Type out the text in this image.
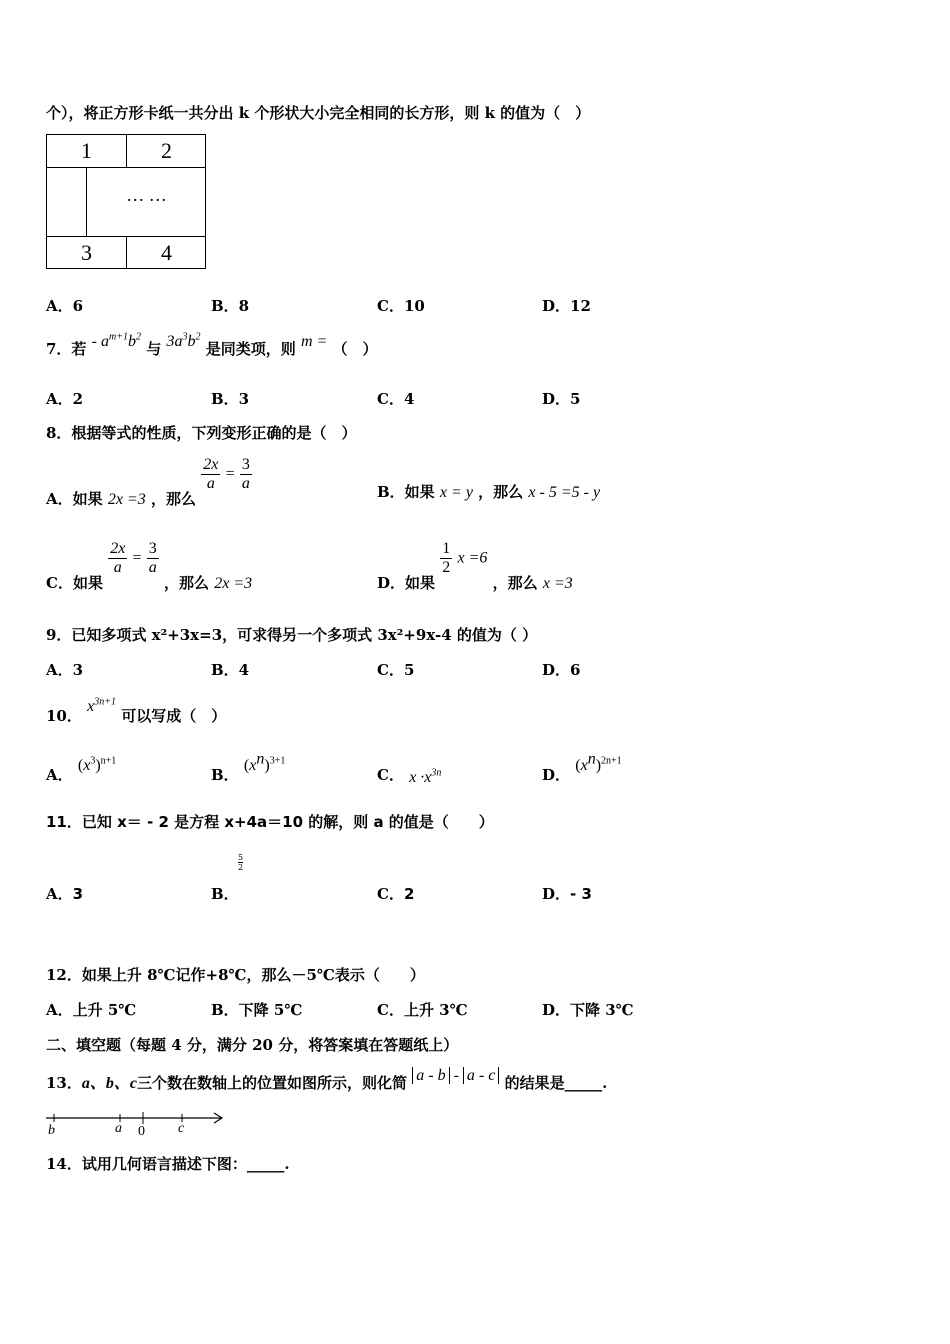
个），将正方形卡纸一共分出 k 个形状大小完全相同的长方形，则 k 的值为（　）
1	2
… …
3	4
A．6	B．8	C．10	D．12
7．若 - $a^{m+1}b^2$ 与 $3a^3b^2$ 是同类项，则 m = （　）
A．2	B．3	C．4	D．5
8．根据等式的性质，下列变形正确的是（　）
A．如果 2x =3 ，那么
$\frac{2x}{a} = \frac{3}{a}$	B．如果 x = y ，那么 x - 5 =5 - y
C．如果
$\frac{2x}{a} = \frac{3}{a}$
，那么 2x =3	D．如果
$\frac{1}{2}$ x =6 ，那么 x =3
9．已知多项式 x²+3x=3，可求得另一个多项式 3x²+9x-4 的值为（ ）
A．3	B．4	C．5	D．6
10． $x^{3n+1}$ 可以写成（　）
A． $(x^3)^{n+1}$
B． $(x^n)^{3+1}$
C． $x \cdot x^{3n}$	D． $(x^n)^{2n+1}$
11．已知 x＝ - 2 是方程 x+4a＝10 的解，则 a 的值是（　　）
A．3	B．
5
2
C．2	D．- 3
12．如果上升 8℃记作+8℃，那么－5℃表示（　　）
A．上升 5℃	B．下降 5℃	C．上升 3℃	D．下降 3℃
二、填空题（每题 4 分，满分 20 分，将答案填在答题纸上）
13．a、b、c三个数在数轴上的位置如图所示，则化简 a - b - a - c 的结果是_____.
b	a 0 c
14．试用几何语言描述下图：_____.
